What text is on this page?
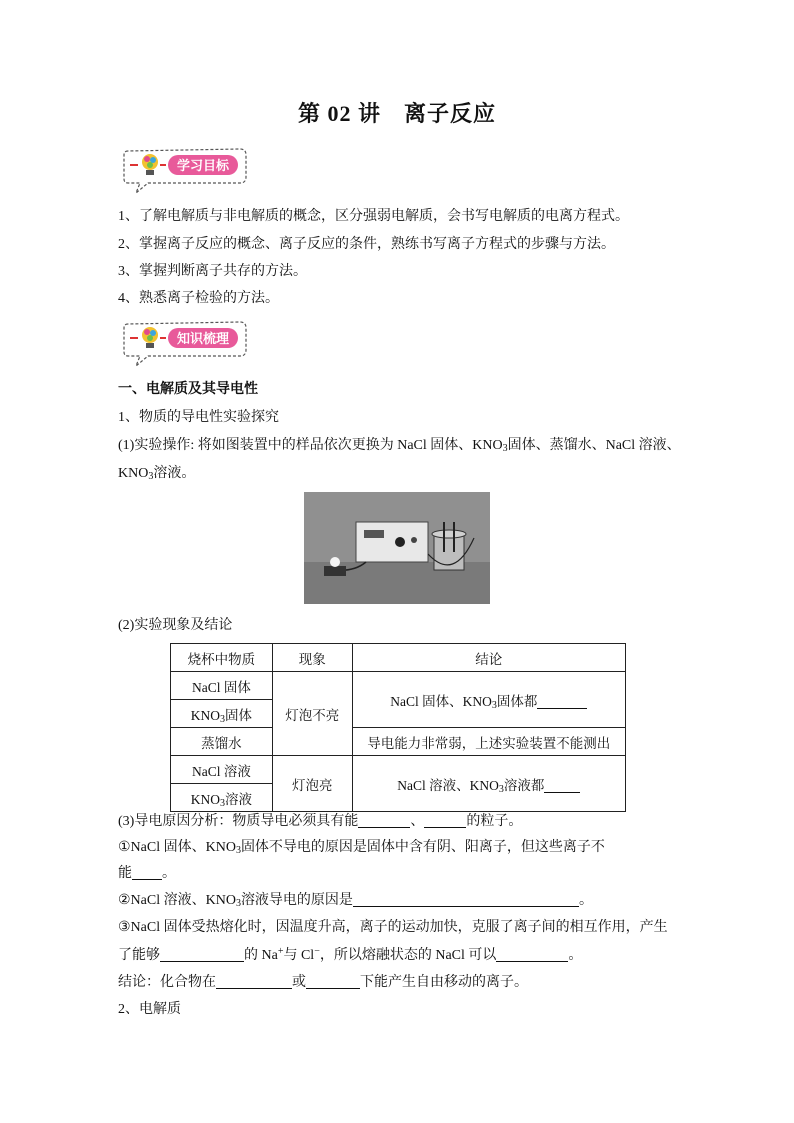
第 02 讲　离子反应
学习目标
1、了解电解质与非电解质的概念，区分强弱电解质，会书写电解质的电离方程式。
2、掌握离子反应的概念、离子反应的条件，熟练书写离子方程式的步骤与方法。
3、掌握判断离子共存的方法。
4、熟悉离子检验的方法。
知识梳理
一、电解质及其导电性
1、物质的导电性实验探究
(1)实验操作: 将如图装置中的样品依次更换为 NaCl 固体、$KNO_3$固体、蒸馏水、NaCl 溶液、
$KNO_3$溶液。
(2)实验现象及结论
烧杯中物质	现象	结论
NaCl 固体	灯泡不亮	NaCl 固体、$KNO_3$固体都
$KNO_3$固体		
蒸馏水		导电能力非常弱，上述实验装置不能测出
NaCl 溶液	灯泡亮	NaCl 溶液、$KNO_3$溶液都
$KNO_3$溶液		
(3)导电原因分析：物质导电必须具有能	、	的粒子。
①NaCl 固体、$KNO_3$固体不导电的原因是固体中含有阴、阳离子，但这些离子不
能 。
②NaCl 溶液、$KNO_3$溶液导电的原因是	。
③NaCl 固体受热熔化时，因温度升高，离子的运动加快，克服了离子间的相互作用，产生
了能够	的 Na+与 Cl−，所以熔融状态的 NaCl 可以	。
结论：化合物在	或	下能产生自由移动的离子。
2、电解质
